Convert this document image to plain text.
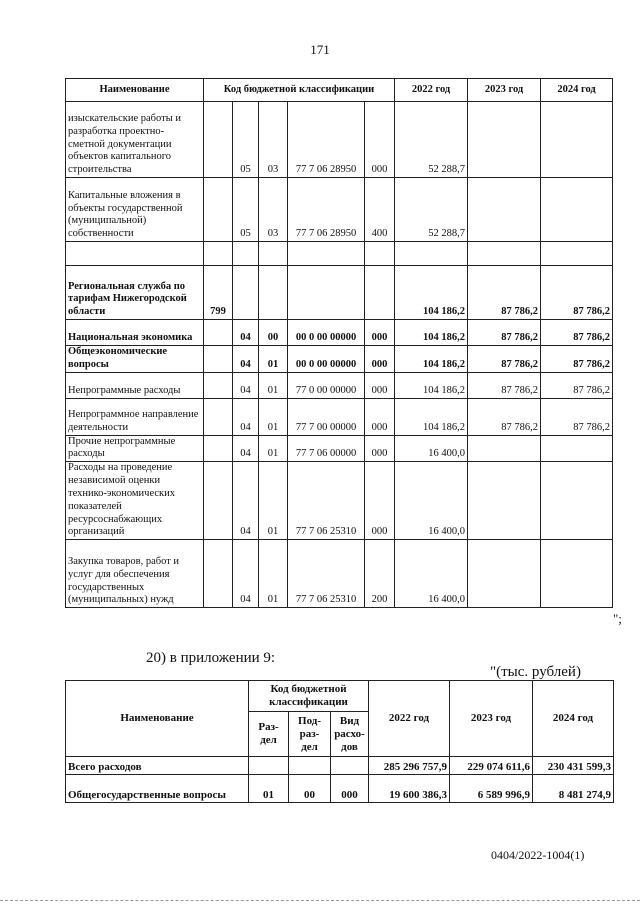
171
Наименование	Код бюджетной классификации					2022 год	2023 год	2024 год
изыскательские работы и разработка проектно-сметной документации объектов капитального строительства		05	03	77 7 06 28950	000	52 288,7		
Капитальные вложения в объекты государственной (муниципальной) собственности		05	03	77 7 06 28950	400	52 288,7		

Региональная служба по тарифам Нижегородской области	799					104 186,2	87 786,2	87 786,2
Национальная экономика		04	00	00 0 00 00000	000	104 186,2	87 786,2	87 786,2
Общеэкономические вопросы		04	01	00 0 00 00000	000	104 186,2	87 786,2	87 786,2
Непрограммные расходы		04	01	77 0 00 00000	000	104 186,2	87 786,2	87 786,2
Непрограммное направление деятельности		04	01	77 7 00 00000	000	104 186,2	87 786,2	87 786,2
Прочие непрограммные расходы		04	01	77 7 06 00000	000	16 400,0		
Расходы на проведение независимой оценки технико-экономических показателей ресурсоснабжающих организаций		04	01	77 7 06 25310	000	16 400,0		
Закупка товаров, работ и услуг для обеспечения государственных (муниципальных) нужд		04	01	77 7 06 25310	200	16 400,0		
";
20) в приложении 9:
"(тыс. рублей)
Наименование	Код бюджетной классификации			2022 год	2023 год	2024 год
	Раз- дел	Под- раз- дел	Вид расхо- дов			
Всего расходов				285 296 757,9	229 074 611,6	230 431 599,3
Общегосударственные вопросы	01	00	000	19 600 386,3	6 589 996,9	8 481 274,9
0404/2022-1004(1)
